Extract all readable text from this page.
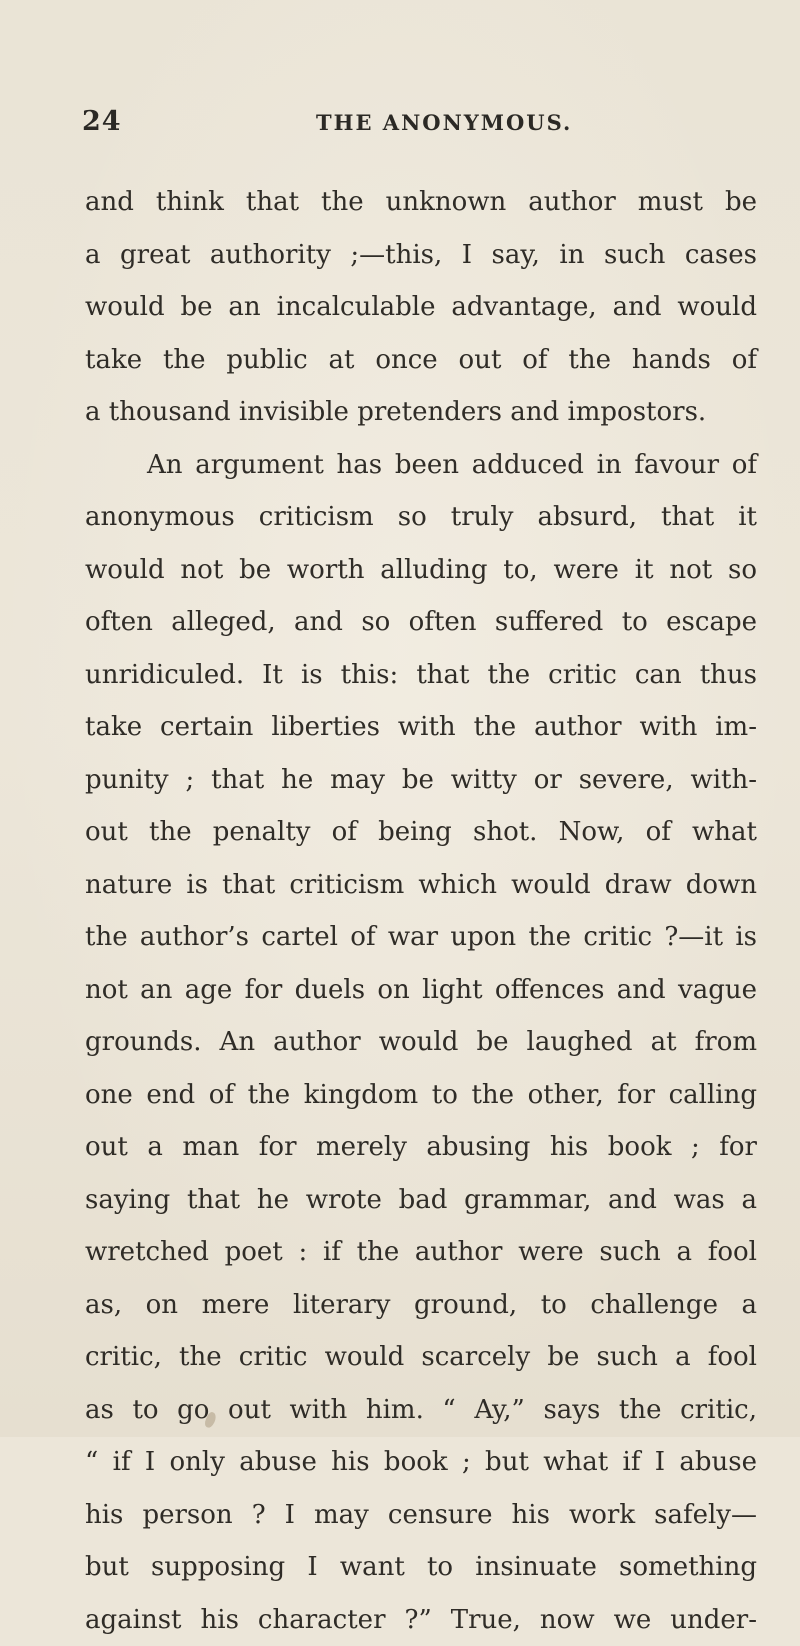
24	THE ANONYMOUS.
and think that the unknown author must be
a great authority ;—this, I say, in such cases
would be an incalculable advantage, and would
take the public at once out of the hands of
a thousand invisible pretenders and impostors.
An argument has been adduced in favour of
anonymous criticism so truly absurd, that it
would not be worth alluding to, were it not so
often alleged, and so often suffered to escape
unridiculed. It is this: that the critic can thus
take certain liberties with the author with im-
punity ; that he may be witty or severe, with-
out the penalty of being shot. Now, of what
nature is that criticism which would draw down
the author’s cartel of war upon the critic ?—it is
not an age for duels on light offences and vague
grounds. An author would be laughed at from
one end of the kingdom to the other, for calling
out a man for merely abusing his book ; for
saying that he wrote bad grammar, and was a
wretched poet : if the author were such a fool
as, on mere literary ground, to challenge a
critic, the critic would scarcely be such a fool
as to go out with him. “ Ay,” says the critic,
“ if I only abuse his book ; but what if I abuse
his person ? I may censure his work safely—
but supposing I want to insinuate something
against his character ?” True, now we under-
